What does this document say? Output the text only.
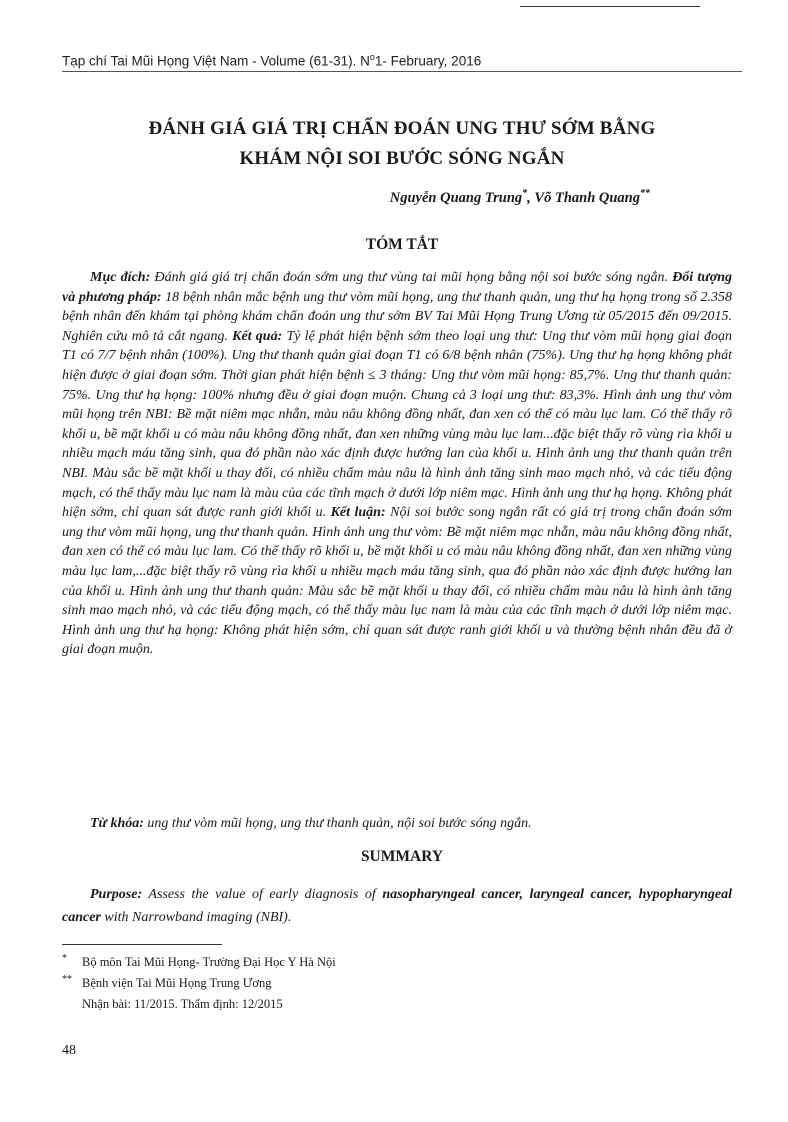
Tạp chí Tai Mũi Họng Việt Nam - Volume (61-31). $N^o1-$ February, 2016
ĐÁNH GIÁ GIÁ TRỊ CHẨN ĐOÁN UNG THƯ SỚM BẰNG
KHÁM NỘI SOI BƯỚC SÓNG NGẮN
Nguyễn Quang Trung*, Võ Thanh Quang**
TÓM TẮT

Mục đích: Đánh giá giá trị chẩn đoán sớm ung thư vùng tai mũi họng bằng nội soi bước sóng ngắn. Đối tượng và phương pháp: 18 bệnh nhân mắc bệnh ung thư vòm mũi họng, ung thư thanh quản, ung thư hạ họng trong số 2.358 bệnh nhân đến khám tại phòng khám chẩn đoán ung thư sớm BV Tai Mũi Họng Trung Ương từ 05/2015 đến 09/2015. Nghiên cứu mô tả cắt ngang. Kết quả: Tỷ lệ phát hiện bệnh sớm theo loại ung thư: Ung thư vòm mũi họng giai đoạn T1 có 7/7 bệnh nhân (100%). Ung thư thanh quản giai đoạn T1 có 6/8 bệnh nhân (75%). Ung thư hạ họng không phát hiện được ở giai đoạn sớm. Thời gian phát hiện bệnh ≤ 3 tháng: Ung thư vòm mũi họng: 85,7%. Ung thư thanh quản: 75%. Ung thư hạ họng: 100% nhưng đều ở giai đoạn muộn. Chung cả 3 loại ung thư: 83,3%. Hình ảnh ung thư vòm mũi họng trên NBI: Bề mặt niêm mạc nhẵn, màu nâu không đồng nhất, đan xen có thể có màu lục lam. Có thể thấy rõ khối u, bề mặt khối u có màu nâu không đồng nhất, đan xen những vùng màu lục lam...đặc biệt thấy rõ vùng rìa khối u nhiều mạch máu tăng sinh, qua đó phần nào xác định được hướng lan của khối u. Hình ảnh ung thư thanh quản trên NBI. Màu sắc bề mặt khối u thay đổi, có nhiều chấm màu nâu là hình ảnh tăng sinh mao mạch nhỏ, và các tiểu động mạch, có thể thấy màu lục nam là màu của các tĩnh mạch ở dưới lớp niêm mạc. Hình ảnh ung thư hạ họng. Không phát hiện sớm, chỉ quan sát được ranh giới khối u. Kết luận: Nội soi bước song ngắn rất có giá trị trong chẩn đoán sớm ung thư vòm mũi họng, ung thư thanh quản. Hình ảnh ung thư vòm: Bề mặt niêm mạc nhẵn, màu nâu không đồng nhất, đan xen có thể có màu lục lam. Có thể thấy rõ khối u, bề mặt khối u có màu nâu không đồng nhất, đan xen những vùng màu lục lam,...đặc biệt thấy rõ vùng rìa khối u nhiều mạch máu tăng sinh, qua đó phần nào xác định được hướng lan của khối u. Hình ảnh ung thư thanh quản: Màu sắc bề mặt khối u thay đổi, có nhiều chấm màu nâu là hình ảnh tăng sinh mao mạch nhỏ, và các tiểu động mạch, có thể thấy màu lục nam là màu của các tĩnh mạch ở dưới lớp niêm mạc. Hình ảnh ung thư hạ họng: Không phát hiện sớm, chỉ quan sát được ranh giới khối u và thường bệnh nhân đều đã ở giai đoạn muộn.

Từ khóa: ung thư vòm mũi họng, ung thư thanh quản, nội soi bước sóng ngắn.

SUMMARY

Purpose: Assess the value of early diagnosis of nasopharyngeal cancer, laryngeal cancer, hypopharyngeal cancer with Narrowband imaging (NBI).

*	Bộ môn Tai Mũi Họng- Trường Đại Học Y Hà Nội
** Bệnh viện Tai Mũi Họng Trung Ương
Nhận bài: 11/2015. Thẩm định: 12/2015
48
